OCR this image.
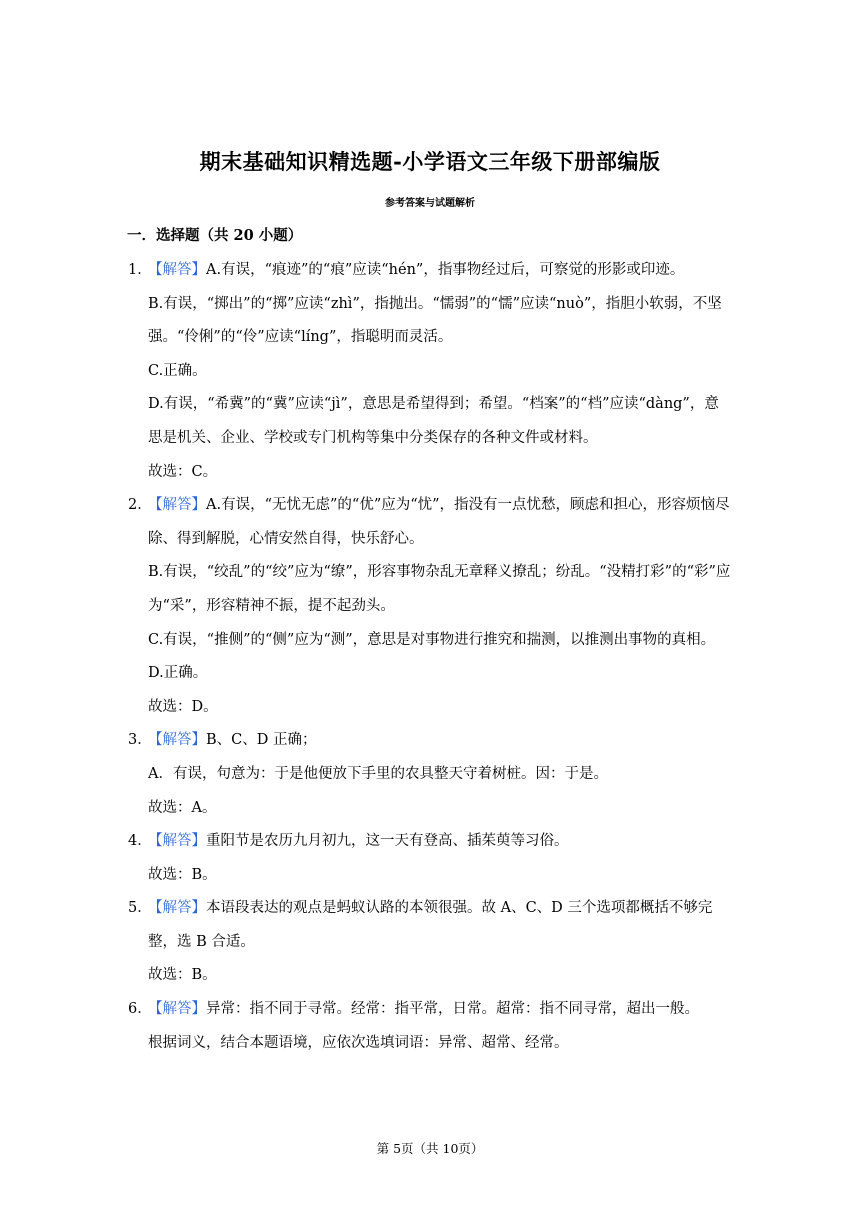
期末基础知识精选题-小学语文三年级下册部编版
参考答案与试题解析
一．选择题（共 20 小题）
1．
【解答】A.有误，“痕迹”的“痕”应读“hén”，指事物经过后，可察觉的形影或印迹。
B.有误，“掷出”的“掷”应读“zhì”，指抛出。“懦弱”的“懦”应读“nuò”，指胆小软弱，不坚强。“伶俐”的“伶”应读“líng”，指聪明而灵活。
C.正确。
D.有误，“希冀”的“冀”应读“jì”，意思是希望得到；希望。“档案”的“档”应读“dàng”，意思是机关、企业、学校或专门机构等集中分类保存的各种文件或材料。
故选：C。
2．
【解答】A.有误，“无忧无虑”的“优”应为“忧”，指没有一点忧愁，顾虑和担心，形容烦恼尽除、得到解脱，心情安然自得，快乐舒心。
B.有误，“绞乱”的“绞”应为“缭”，形容事物杂乱无章释义撩乱；纷乱。“没精打彩”的“彩”应为“采”，形容精神不振，提不起劲头。
C.有误，“推侧”的“侧”应为“测”，意思是对事物进行推究和揣测，以推测出事物的真相。
D.正确。
故选：D。
3．
【解答】B、C、D 正确；
A．有误，句意为：于是他便放下手里的农具整天守着树桩。因：于是。
故选：A。
4．
【解答】重阳节是农历九月初九，这一天有登高、插茱萸等习俗。
故选：B。
5．
【解答】本语段表达的观点是蚂蚁认路的本领很强。故 A、C、D 三个选项都概括不够完整，选 B 合适。
故选：B。
6．
【解答】异常：指不同于寻常。经常：指平常，日常。超常：指不同寻常，超出一般。
根据词义，结合本题语境，应依次选填词语：异常、超常、经常。
第 5页（共 10页）
